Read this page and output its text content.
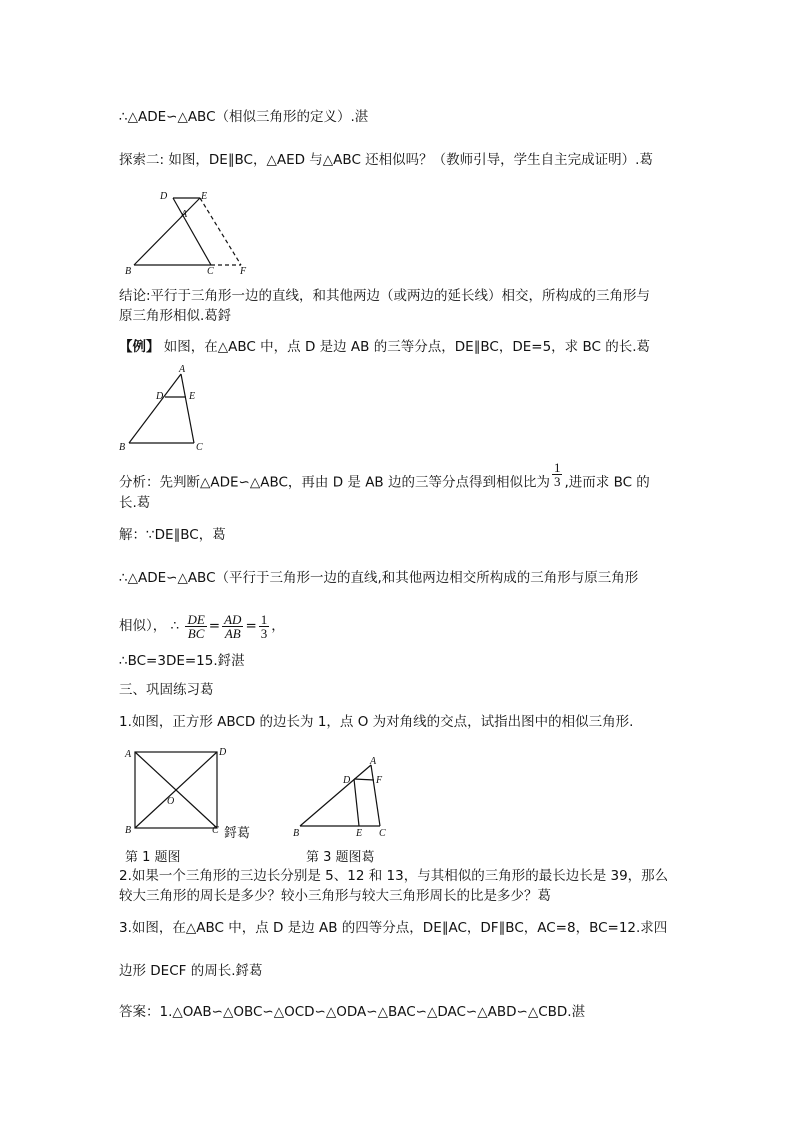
∴△ADE∽△ABC（相似三角形的定义）.湛
探索二: 如图，DE∥BC，△AED 与△ABC 还相似吗？（教师引导，学生自主完成证明）.葛
D	E
A
B	C	F
结论:平行于三角形一边的直线，和其他两边（或两边的延长线）相交，所构成的三角形与
原三角形相似.葛鋝
【例】 如图，在△ABC 中，点 D 是边 AB 的三等分点，DE∥BC，DE=5，求 BC 的长.葛
A
D	E
B	C
分析：先判断△ADE∽△ABC，再由 D 是 AB 边的三等分点得到相似比为 $\frac{1}{3}$ ,进而求 BC 的
长.葛
解：∵DE∥BC，葛
∴△ADE∽△ABC（平行于三角形一边的直线,和其他两边相交所构成的三角形与原三角形
相似）， ∴ $\frac{DE}{BC} = \frac{AD}{AB} = \frac{1}{3}$ ，
∴BC=3DE=15.鋝湛
三、巩固练习葛
1.如图，正方形 ABCD 的边长为 1，点 O 为对角线的交点，试指出图中的相似三角形.
A	D
O
B	C 鋝葛
A
D	F
B	E C
第 1 题图	第 3 题图葛
2.如果一个三角形的三边长分别是 5、12 和 13，与其相似的三角形的最长边长是 39，那么
较大三角形的周长是多少？较小三角形与较大三角形周长的比是多少？葛
3.如图，在△ABC 中，点 D 是边 AB 的四等分点，DE∥AC，DF∥BC，AC=8，BC=12.求四
边形 DECF 的周长.鋝葛
答案：1.△OAB∽△OBC∽△OCD∽△ODA∽△BAC∽△DAC∽△ABD∽△CBD.湛
